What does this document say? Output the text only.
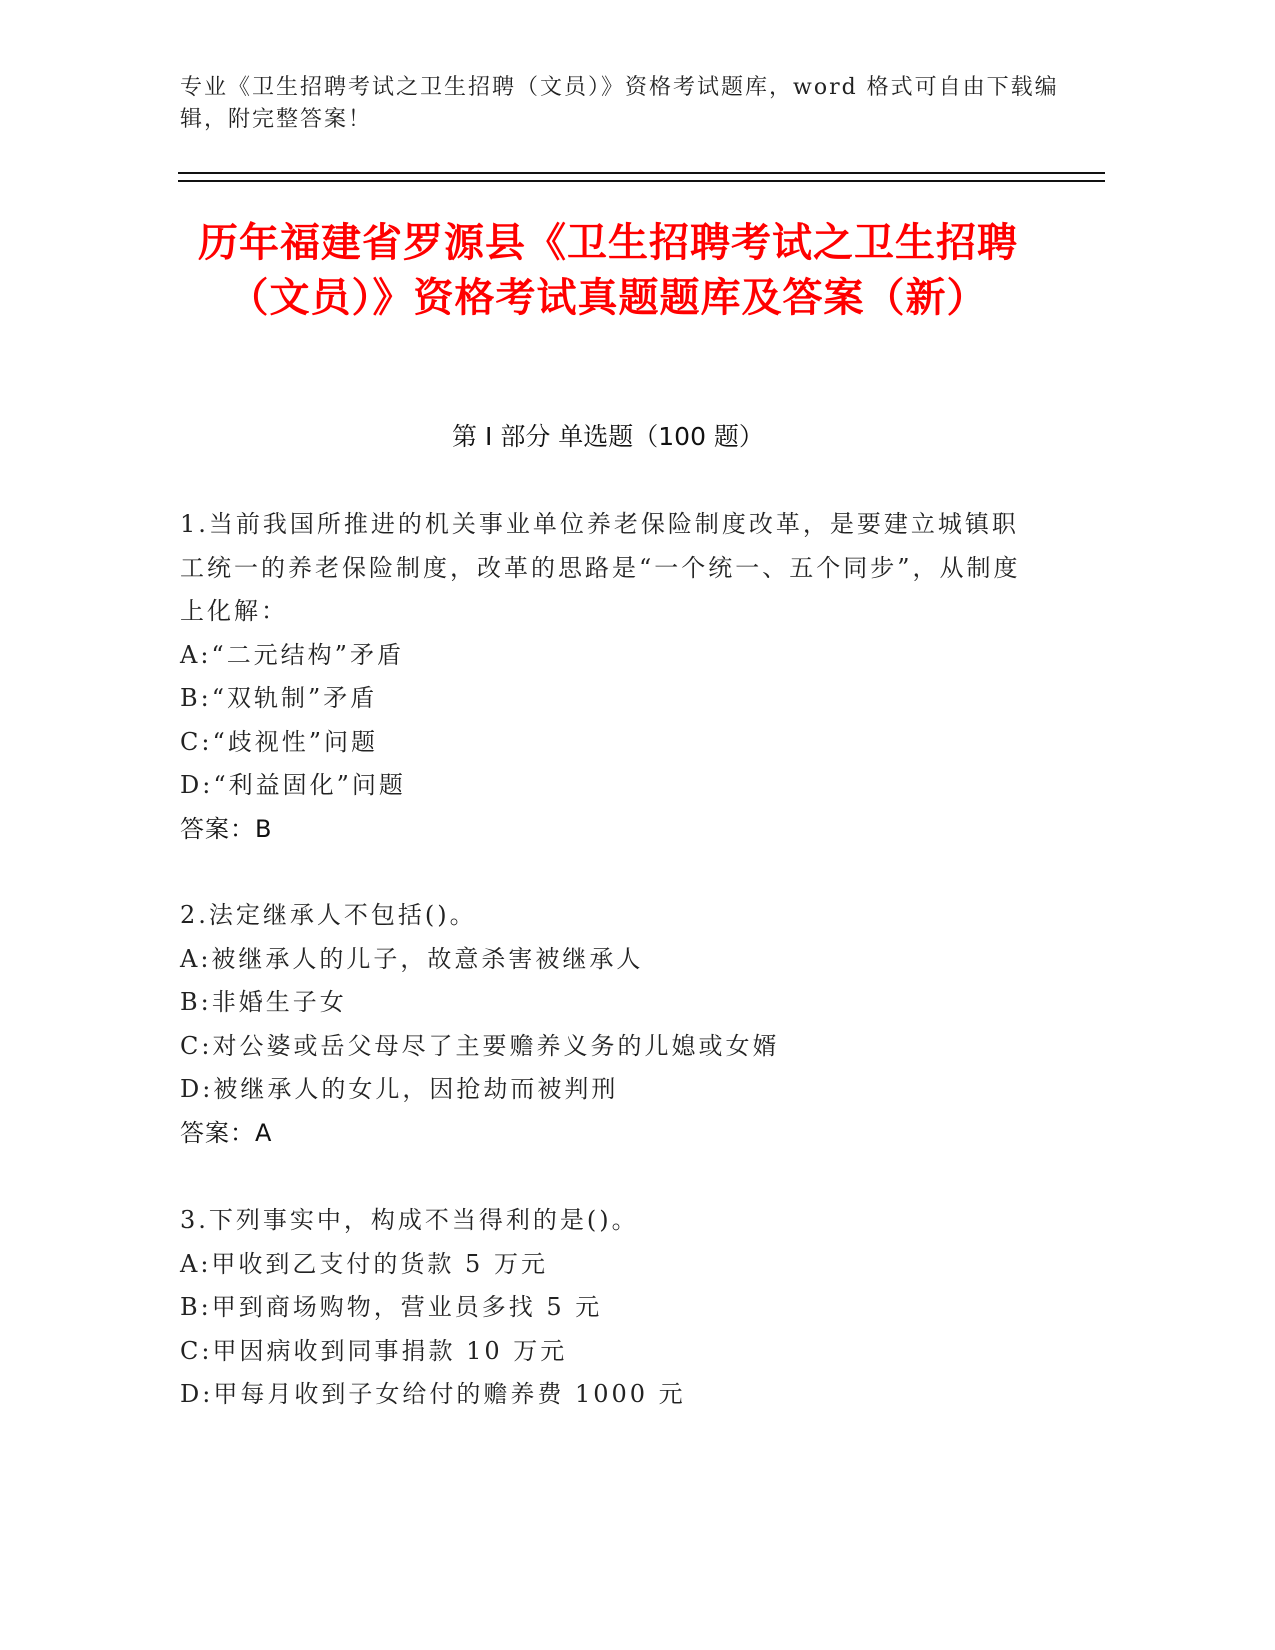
专业《卫生招聘考试之卫生招聘（文员）》资格考试题库，word 格式可自由下载编辑，附完整答案！
历年福建省罗源县《卫生招聘考试之卫生招聘（文员）》资格考试真题题库及答案（新）
第 I 部分 单选题（100 题）
1.当前我国所推进的机关事业单位养老保险制度改革，是要建立城镇职工统一的养老保险制度，改革的思路是“一个统一、五个同步”，从制度上化解：
A:“二元结构”矛盾
B:“双轨制”矛盾
C:“歧视性”问题
D:“利益固化”问题
答案：B
2.法定继承人不包括()。
A:被继承人的儿子，故意杀害被继承人
B:非婚生子女
C:对公婆或岳父母尽了主要赡养义务的儿媳或女婿
D:被继承人的女儿，因抢劫而被判刑
答案：A
3.下列事实中，构成不当得利的是()。
A:甲收到乙支付的货款 5 万元
B:甲到商场购物，营业员多找 5 元
C:甲因病收到同事捐款 10 万元
D:甲每月收到子女给付的赡养费 1000 元
